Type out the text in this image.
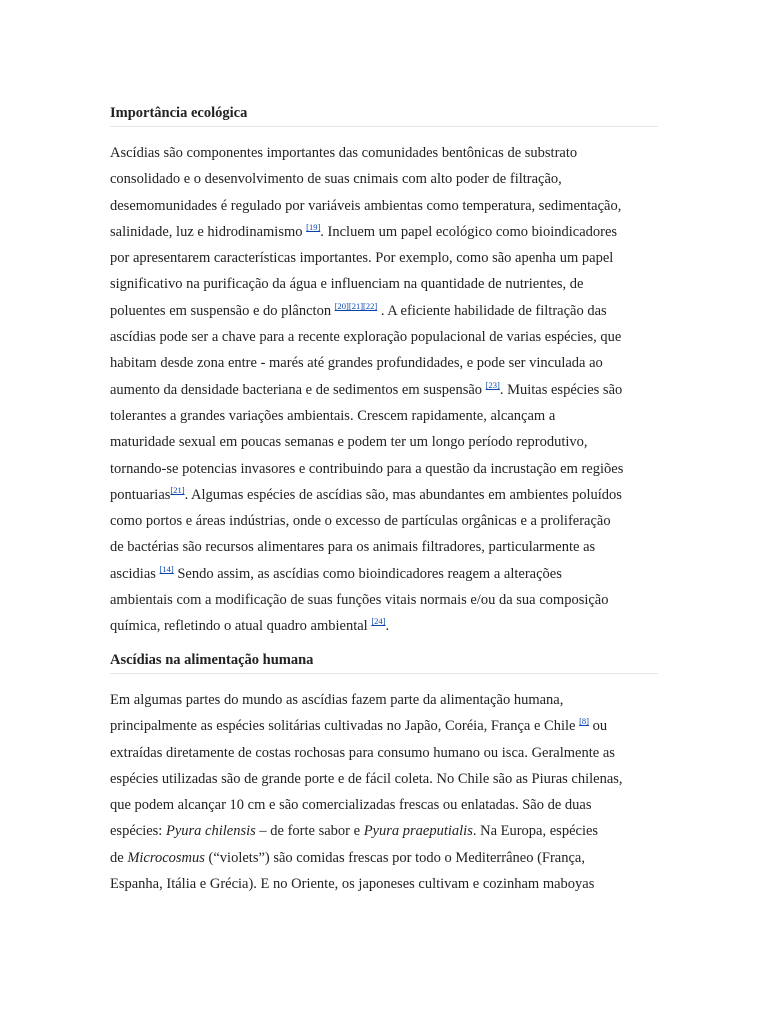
Importância ecológica
Ascídias são componentes importantes das comunidades bentônicas de substrato
consolidado e o desenvolvimento de suas cnimais com alto poder de filtração,
desemomunidades é regulado por variáveis ambientas como temperatura, sedimentação,
salinidade, luz e hidrodinamismo [19]. Incluem um papel ecológico como bioindicadores
por apresentarem características importantes. Por exemplo, como são apenha um papel
significativo na purificação da água e influenciam na quantidade de nutrientes, de
poluentes em suspensão e do plâncton [20][21][22] . A eficiente habilidade de filtração das
ascídias pode ser a chave para a recente exploração populacional de varias espécies, que
habitam desde zona entre - marés até grandes profundidades, e pode ser vinculada ao
aumento da densidade bacteriana e de sedimentos em suspensão [23]. Muitas espécies são
tolerantes a grandes variações ambientais. Crescem rapidamente, alcançam a
maturidade sexual em poucas semanas e podem ter um longo período reprodutivo,
tornando-se potencias invasores e contribuindo para a questão da incrustação em regiões
pontuarias[21]. Algumas espécies de ascídias são, mas abundantes em ambientes poluídos
como portos e áreas indústrias, onde o excesso de partículas orgânicas e a proliferação
de bactérias são recursos alimentares para os animais filtradores, particularmente as
ascidias [14] Sendo assim, as ascídias como bioindicadores reagem a alterações
ambientais com a modificação de suas funções vitais normais e/ou da sua composição
química, refletindo o atual quadro ambiental [24].
Ascídias na alimentação humana
Em algumas partes do mundo as ascídias fazem parte da alimentação humana,
principalmente as espécies solitárias cultivadas no Japão, Coréia, França e Chile [8] ou
extraídas diretamente de costas rochosas para consumo humano ou isca. Geralmente as
espécies utilizadas são de grande porte e de fácil coleta. No Chile são as Piuras chilenas,
que podem alcançar 10 cm e são comercializadas frescas ou enlatadas. São de duas
espécies: Pyura chilensis – de forte sabor e Pyura praeputialis. Na Europa, espécies
de Microcosmus (“violets”) são comidas frescas por todo o Mediterrâneo (França,
Espanha, Itália e Grécia). E no Oriente, os japoneses cultivam e cozinham maboyas
